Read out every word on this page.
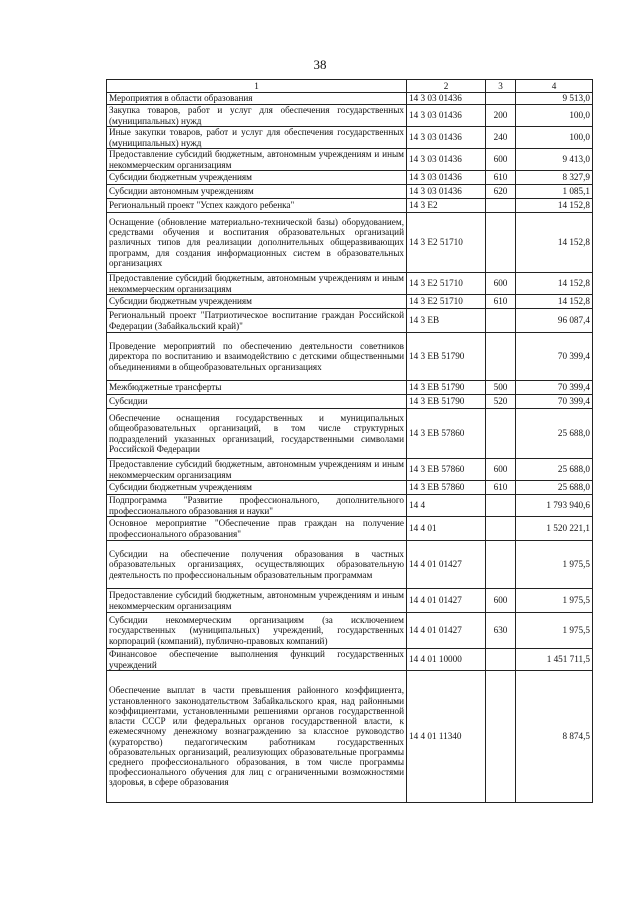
38
1	2	3	4
Мероприятия в области образования	14 3 03 01436		9 513,0
Закупка товаров, работ и услуг для обеспечения государственных (муниципальных) нужд	14 3 03 01436	200	100,0
Иные закупки товаров, работ и услуг для обеспечения государственных (муниципальных) нужд	14 3 03 01436	240	100,0
Предоставление субсидий бюджетным, автономным учреждениям и иным некоммерческим организациям	14 3 03 01436	600	9 413,0
Субсидии бюджетным учреждениям	14 3 03 01436	610	8 327,9
Субсидии автономным учреждениям	14 3 03 01436	620	1 085,1
Региональный проект "Успех каждого ребенка"	14 3 E2		14 152,8
Оснащение (обновление материально-технической базы) оборудованием, средствами обучения и воспитания образовательных организаций различных типов для реализации дополнительных общеразвивающих программ, для создания информационных систем в образовательных организациях	14 3 E2 51710		14 152,8
Предоставление субсидий бюджетным, автономным учреждениям и иным некоммерческим организациям	14 3 E2 51710	600	14 152,8
Субсидии бюджетным учреждениям	14 3 E2 51710	610	14 152,8
Региональный проект "Патриотическое воспитание граждан Российской Федерации (Забайкальский край)"	14 3 EB		96 087,4
Проведение мероприятий по обеспечению деятельности советников директора по воспитанию и взаимодействию с детскими общественными объединениями в общеобразовательных организациях	14 3 EB 51790		70 399,4
Межбюджетные трансферты	14 3 EB 51790	500	70 399,4
Субсидии	14 3 EB 51790	520	70 399,4
Обеспечение оснащения государственных и муниципальных общеобразовательных организаций, в том числе структурных подразделений указанных организаций, государственными символами Российской Федерации	14 3 EB 57860		25 688,0
Предоставление субсидий бюджетным, автономным учреждениям и иным некоммерческим организациям	14 3 EB 57860	600	25 688,0
Субсидии бюджетным учреждениям	14 3 EB 57860	610	25 688,0
Подпрограмма "Развитие профессионального, дополнительного профессионального образования и науки"	14 4		1 793 940,6
Основное мероприятие "Обеспечение прав граждан на получение профессионального образования"	14 4 01		1 520 221,1
Субсидии на обеспечение получения образования в частных образовательных организациях, осуществляющих образовательную деятельность по профессиональным образовательным программам	14 4 01 01427		1 975,5
Предоставление субсидий бюджетным, автономным учреждениям и иным некоммерческим организациям	14 4 01 01427	600	1 975,5
Субсидии некоммерческим организациям (за исключением государственных (муниципальных) учреждений, государственных корпораций (компаний), публично-правовых компаний)	14 4 01 01427	630	1 975,5
Финансовое обеспечение выполнения функций государственных учреждений	14 4 01 10000		1 451 711,5
Обеспечение выплат в части превышения районного коэффициента, установленного законодательством Забайкальского края, над районными коэффициентами, установленными решениями органов государственной власти СССР или федеральных органов государственной власти, к ежемесячному денежному вознаграждению за классное руководство (кураторство) педагогическим работникам государственных образовательных организаций, реализующих образовательные программы среднего профессионального образования, в том числе программы профессионального обучения для лиц с ограниченными возможностями здоровья, в сфере образования	14 4 01 11340		8 874,5
